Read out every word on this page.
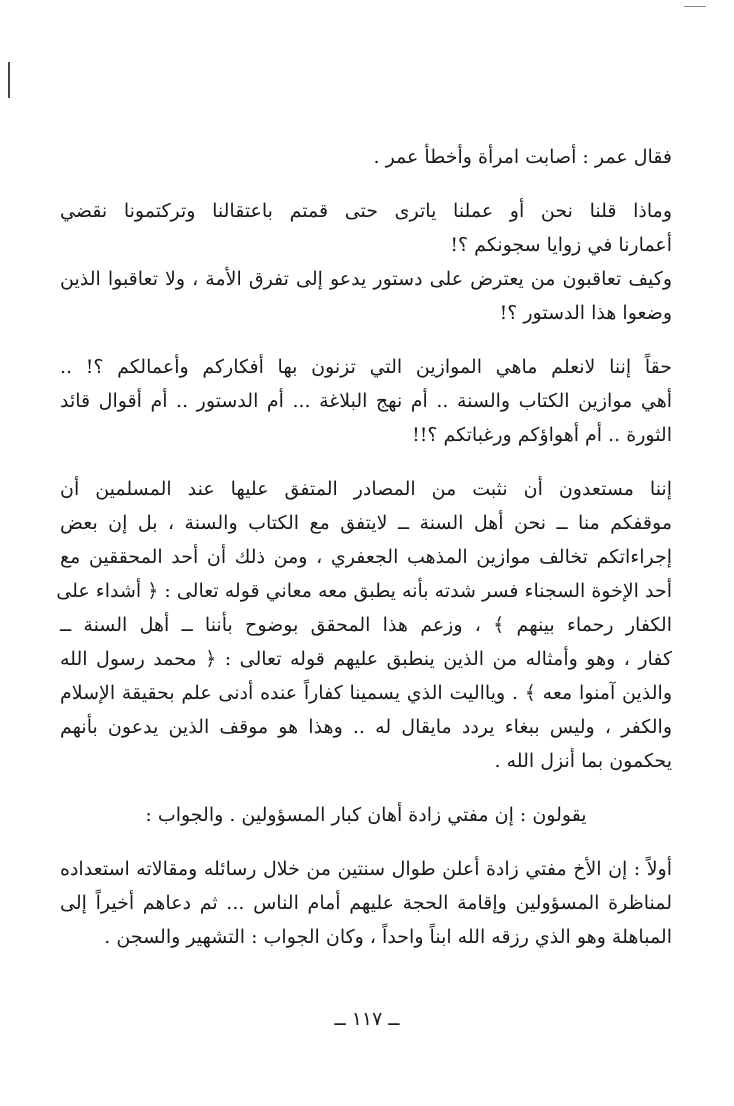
فقال عمر : أصابت امرأة وأخطأ عمر .

وماذا قلنا نحن أو عملنا ياترى حتى قمتم باعتقالنا وتركتمونا نقضي
أعمارنا في زوايا سجونكم ؟!

وكيف تعاقبون من يعترض على دستور يدعو إلى تفرق الأمة ، ولا تعاقبوا الذين
وضعوا هذا الدستور ؟!

حقاً إننا لانعلم ماهي الموازين التي تزنون بها أفكاركم وأعمالكم ؟! ..
أهي موازين الكتاب والسنة .. أم نهج البلاغة ... أم الدستور .. أم أقوال قائد
الثورة .. أم أهواؤكم ورغباتكم ؟!!

إننا مستعدون أن نثبت من المصادر المتفق عليها عند المسلمين أن
موقفكم منا ــ نحن أهل السنة ــ لايتفق مع الكتاب والسنة ، بل إن بعض
إجراءاتكم تخالف موازين المذهب الجعفري ، ومن ذلك أن أحد المحققين مع
أحد الإخوة السجناء فسر شدته بأنه يطبق معه معاني قوله تعالى : ﴿ أشداء على
الكفار رحماء بينهم ﴾ ، وزعم هذا المحقق بوضوح بأننا ــ أهل السنة ــ
كفار ، وهو وأمثاله من الذين ينطبق عليهم قوله تعالى : ﴿ محمد رسول الله
والذين آمنوا معه ﴾ . ويااليت الذي يسمينا كفاراً عنده أدنى علم بحقيقة الإسلام
والكفر ، وليس ببغاء يردد مايقال له .. وهذا هو موقف الذين يدعون بأنهم
يحكمون بما أنزل الله .

يقولون : إن مفتي زادة أهان كبار المسؤولين . والجواب :

أولاً : إن الأخ مفتي زادة أعلن طوال سنتين من خلال رسائله ومقالاته استعداده
لمناظرة المسؤولين وإقامة الحجة عليهم أمام الناس ... ثم دعاهم أخيراً إلى
المباهلة وهو الذي رزقه الله ابناً واحداً ، وكان الجواب : التشهير والسجن .

ــ ١١٧ ــ
